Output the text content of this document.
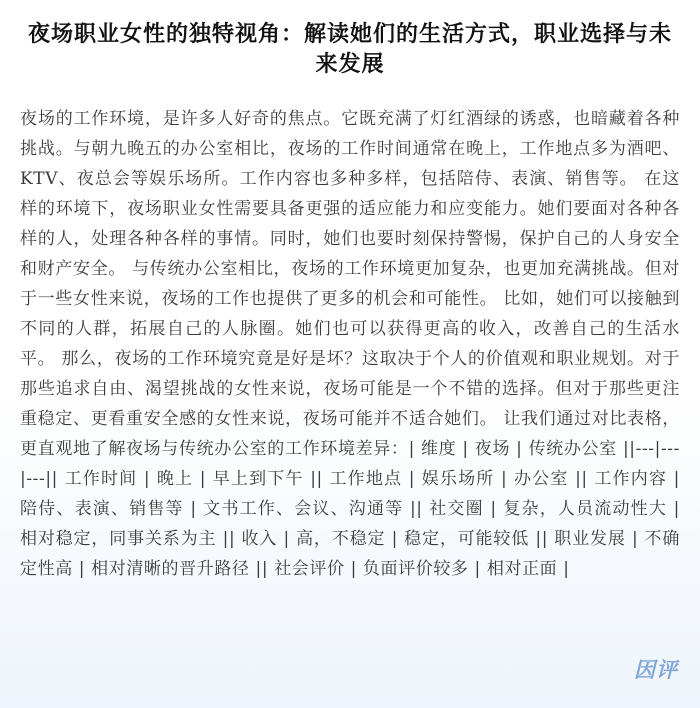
夜场职业女性的独特视角：解读她们的生活方式，职业选择与未来发展

夜场的工作环境，是许多人好奇的焦点。它既充满了灯红酒绿的诱惑，也暗藏着各种挑战。与朝九晚五的办公室相比，夜场的工作时间通常在晚上，工作地点多为酒吧、KTV、夜总会等娱乐场所。工作内容也多种多样，包括陪侍、表演、销售等。 在这样的环境下，夜场职业女性需要具备更强的适应能力和应变能力。她们要面对各种各样的人，处理各种各样的事情。同时，她们也要时刻保持警惕，保护自己的人身安全和财产安全。 与传统办公室相比，夜场的工作环境更加复杂，也更加充满挑战。但对于一些女性来说，夜场的工作也提供了更多的机会和可能性。 比如，她们可以接触到不同的人群，拓展自己的人脉圈。她们也可以获得更高的收入，改善自己的生活水平。 那么，夜场的工作环境究竟是好是坏？这取决于个人的价值观和职业规划。对于那些追求自由、渴望挑战的女性来说，夜场可能是一个不错的选择。但对于那些更注重稳定、更看重安全感的女性来说，夜场可能并不适合她们。 让我们通过对比表格，更直观地了解夜场与传统办公室的工作环境差异：| 维度 | 夜场 | 传统办公室 ||---|---|---|| 工作时间 | 晚上 | 早上到下午 || 工作地点 | 娱乐场所 | 办公室 || 工作内容 | 陪侍、表演、销售等 | 文书工作、会议、沟通等 || 社交圈 | 复杂，人员流动性大 | 相对稳定，同事关系为主 || 收入 | 高，不稳定 | 稳定，可能较低 || 职业发展 | 不确定性高 | 相对清晰的晋升路径 || 社会评价 | 负面评价较多 | 相对正面 |

因评
